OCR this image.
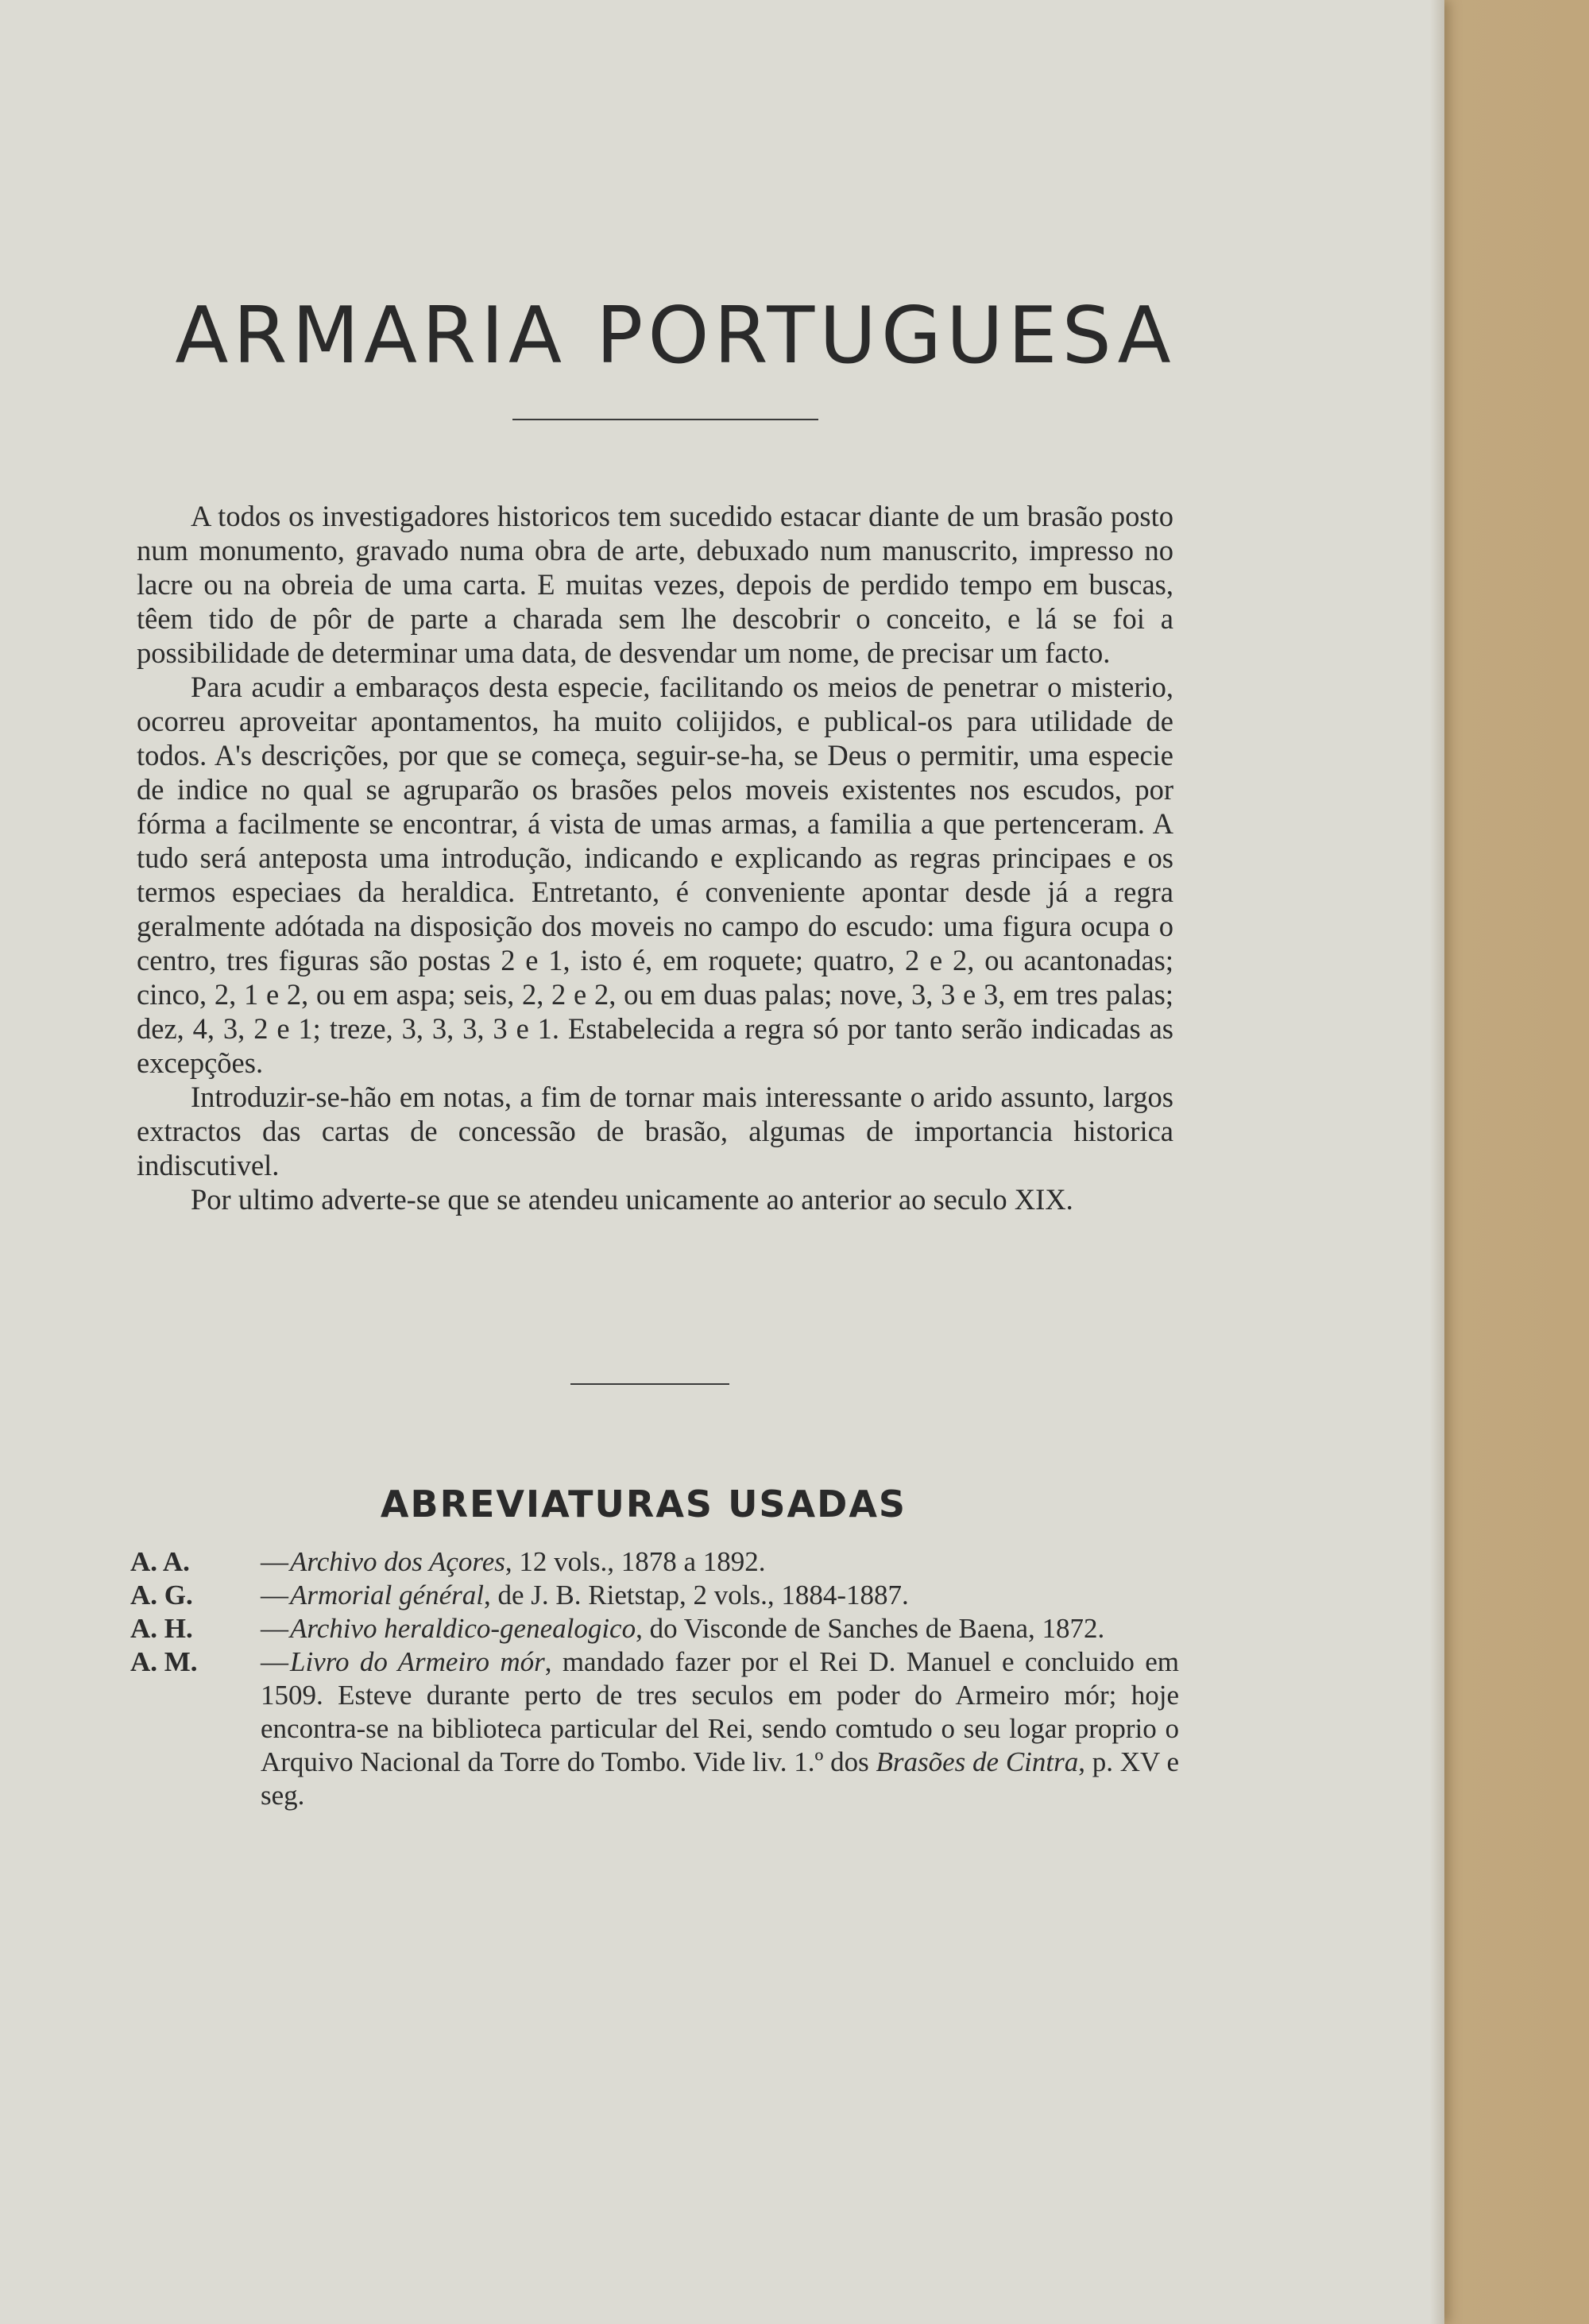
ARMARIA PORTUGUESA

A todos os investigadores historicos tem sucedido estacar diante de um brasão posto num monumento, gravado numa obra de arte, debuxado num manuscrito, impresso no lacre ou na obreia de uma carta. E muitas vezes, depois de perdido tempo em buscas, têem tido de pôr de parte a charada sem lhe descobrir o conceito, e lá se foi a possibilidade de determinar uma data, de desvendar um nome, de precisar um facto.

Para acudir a embaraços desta especie, facilitando os meios de penetrar o misterio, ocorreu aproveitar apontamentos, ha muito colijidos, e publical-os para utilidade de todos. A's descrições, por que se começa, seguir-se-ha, se Deus o permitir, uma especie de indice no qual se agruparão os brasões pelos moveis existentes nos escudos, por fórma a facilmente se encontrar, á vista de umas armas, a familia a que pertenceram. A tudo será anteposta uma introdução, indicando e explicando as regras principaes e os termos especiaes da heraldica. Entretanto, é conveniente apontar desde já a regra geralmente adótada na disposição dos moveis no campo do escudo: uma figura ocupa o centro, tres figuras são postas 2 e 1, isto é, em roquete; quatro, 2 e 2, ou acantonadas; cinco, 2, 1 e 2, ou em aspa; seis, 2, 2 e 2, ou em duas palas; nove, 3, 3 e 3, em tres palas; dez, 4, 3, 2 e 1; treze, 3, 3, 3, 3 e 1. Estabelecida a regra só por tanto serão indicadas as excepções.

Introduzir-se-hão em notas, a fim de tornar mais interessante o arido assunto, largos extractos das cartas de concessão de brasão, algumas de importancia historica indiscutivel.

Por ultimo adverte-se que se atendeu unicamente ao anterior ao seculo XIX.

ABREVIATURAS USADAS
A. A.	—Archivo dos Açores, 12 vols., 1878 a 1892.
A. G.	—Armorial général, de J. B. Rietstap, 2 vols., 1884-1887.
A. H.	—Archivo heraldico-genealogico, do Visconde de Sanches de Baena, 1872.
A. M.	—Livro do Armeiro mór, mandado fazer por el Rei D. Manuel e concluido em 1509. Esteve durante perto de tres seculos em poder do Armeiro mór; hoje encontra-se na biblioteca particular del Rei, sendo comtudo o seu logar proprio o Arquivo Nacional da Torre do Tombo. Vide liv. 1.º dos Brasões de Cintra, p. XV e seg.
